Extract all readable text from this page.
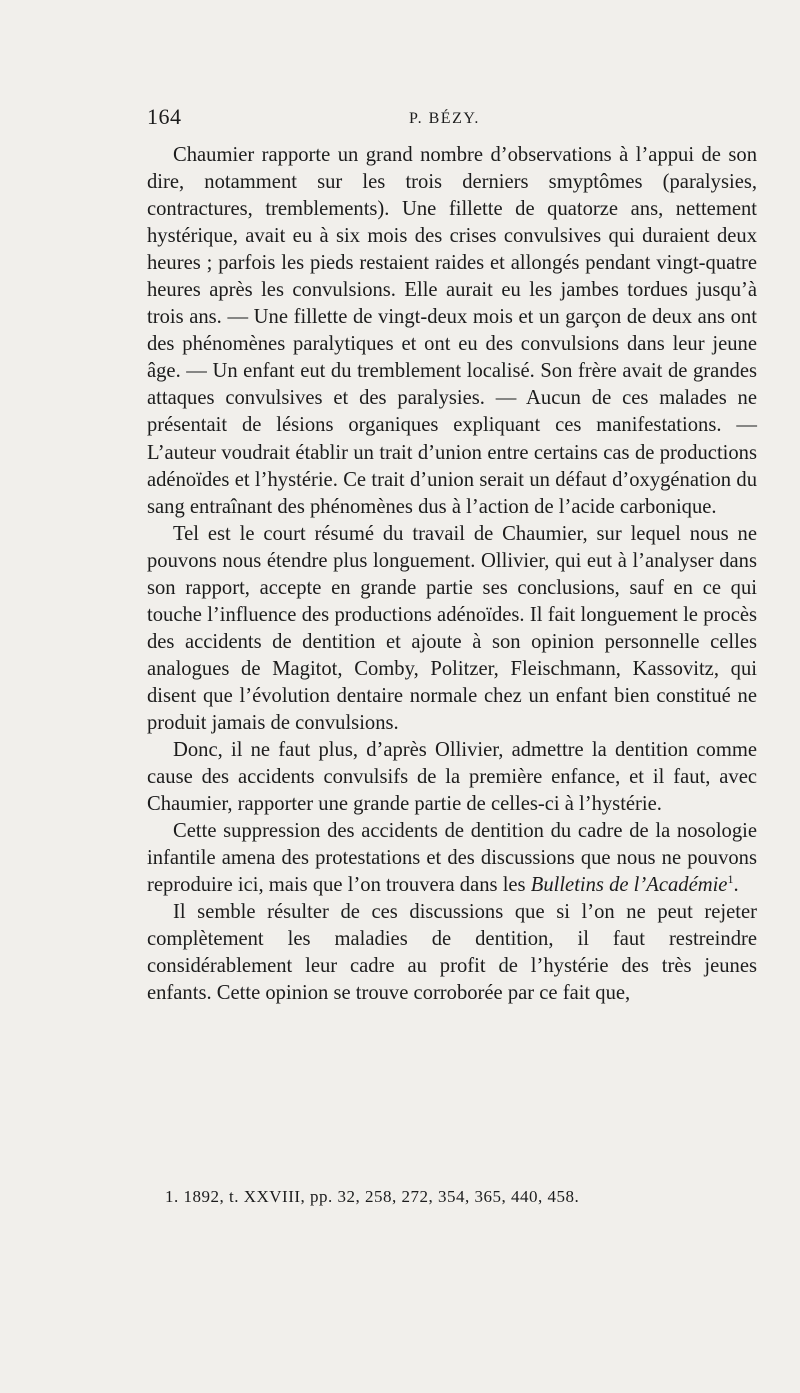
164	P. BÉZY.

Chaumier rapporte un grand nombre d’observations à l’appui de son dire, notamment sur les trois derniers smyptômes (paralysies, contractures, tremblements). Une fillette de quatorze ans, nettement hystérique, avait eu à six mois des crises convulsives qui duraient deux heures ; parfois les pieds restaient raides et allongés pendant vingt-quatre heures après les convulsions. Elle aurait eu les jambes tordues jusqu’à trois ans. — Une fillette de vingt-deux mois et un garçon de deux ans ont des phénomènes paralytiques et ont eu des convulsions dans leur jeune âge. — Un enfant eut du tremblement localisé. Son frère avait de grandes attaques convulsives et des paralysies. — Aucun de ces malades ne présentait de lésions organiques expliquant ces manifestations. — L’auteur voudrait établir un trait d’union entre certains cas de productions adénoïdes et l’hystérie. Ce trait d’union serait un défaut d’oxygénation du sang entraînant des phénomènes dus à l’action de l’acide carbonique.

Tel est le court résumé du travail de Chaumier, sur lequel nous ne pouvons nous étendre plus longuement. Ollivier, qui eut à l’analyser dans son rapport, accepte en grande partie ses conclusions, sauf en ce qui touche l’influence des productions adénoïdes. Il fait longuement le procès des accidents de dentition et ajoute à son opinion personnelle celles analogues de Magitot, Comby, Politzer, Fleischmann, Kassovitz, qui disent que l’évolution dentaire normale chez un enfant bien constitué ne produit jamais de convulsions.

Donc, il ne faut plus, d’après Ollivier, admettre la dentition comme cause des accidents convulsifs de la première enfance, et il faut, avec Chaumier, rapporter une grande partie de celles-ci à l’hystérie.

Cette suppression des accidents de dentition du cadre de la nosologie infantile amena des protestations et des discussions que nous ne pouvons reproduire ici, mais que l’on trouvera dans les Bulletins de l’Académie$^1$.

Il semble résulter de ces discussions que si l’on ne peut rejeter complètement les maladies de dentition, il faut restreindre considérablement leur cadre au profit de l’hystérie des très jeunes enfants. Cette opinion se trouve corroborée par ce fait que,

1. 1892, t. XXVIII, pp. 32, 258, 272, 354, 365, 440, 458.
